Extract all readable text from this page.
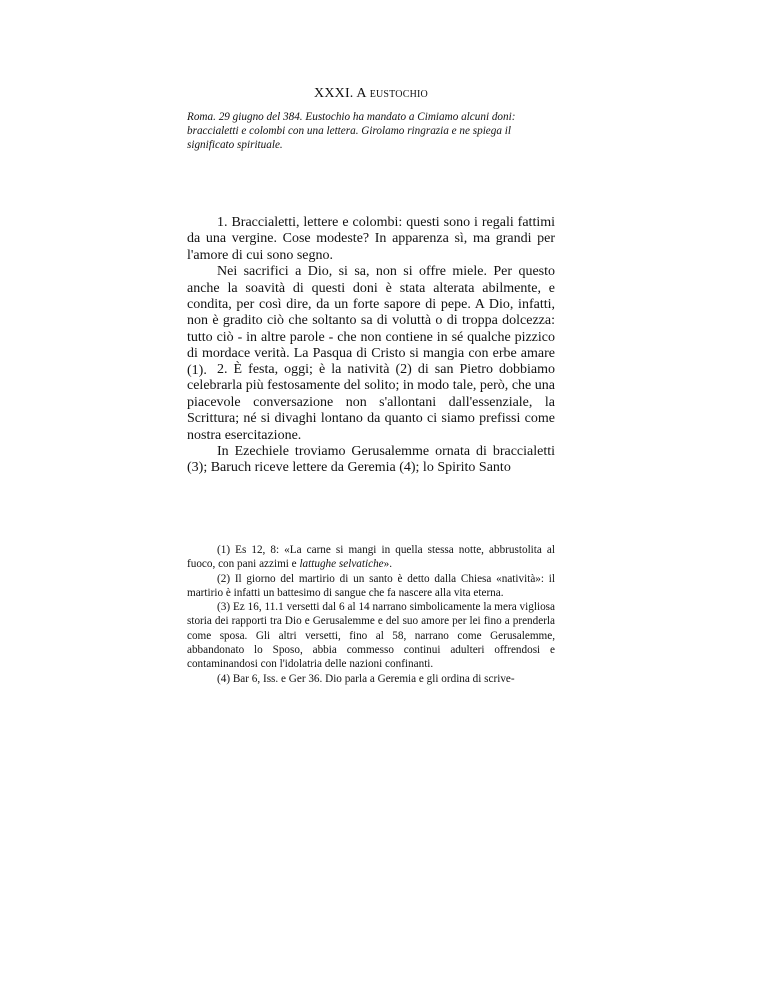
XXXI. A eustochio
Roma. 29 giugno del 384. Eustochio ha mandato a Cimiamo alcuni doni: braccialetti e colombi con una lettera. Girolamo ringrazia e ne spiega il significato spirituale.

1. Braccialetti, lettere e colombi: questi sono i regali fattimi da una vergine. Cose modeste? In apparenza sì, ma grandi per l'amore di cui sono segno.

Nei sacrifici a Dio, si sa, non si offre miele. Per questo anche la soavità di questi doni è stata alterata abilmente, e condita, per così dire, da un forte sapore di pepe. A Dio, infatti, non è gradito ciò che soltanto sa di voluttà o di troppa dolcezza: tutto ciò - in altre parole - che non contiene in sé qualche pizzico di mordace verità. La Pasqua di Cristo si mangia con erbe amare (1). 2. È festa, oggi; è la natività (2) di san Pietro dobbiamo celebrarla più festosamente del solito; in modo tale, però, che una piacevole conversazione non s'allontani dall'essenziale, la Scrittura; né si divaghi lontano da quanto ci siamo prefissi come nostra esercitazione.

In Ezechiele troviamo Gerusalemme ornata di braccialetti (3); Baruch riceve lettere da Geremia (4); lo Spirito Santo

(1) Es 12, 8: «La carne si mangi in quella stessa notte, abbrustolita al fuoco, con pani azzimi e lattughe selvatiche».

(2) Il giorno del martirio di un santo è detto dalla Chiesa «natività»: il martirio è infatti un battesimo di sangue che fa nascere alla vita eterna.

(3) Ez 16, 11.1 versetti dal 6 al 14 narrano simbolicamente la mera vigliosa storia dei rapporti tra Dio e Gerusalemme e del suo amore per lei fino a prenderla come sposa. Gli altri versetti, fino al 58, narrano come Gerusalemme, abbandonato lo Sposo, abbia commesso continui adulteri offrendosi e contaminandosi con l'idolatria delle nazioni confinanti.

(4) Bar 6, Iss. e Ger 36. Dio parla a Geremia e gli ordina di scrive-
